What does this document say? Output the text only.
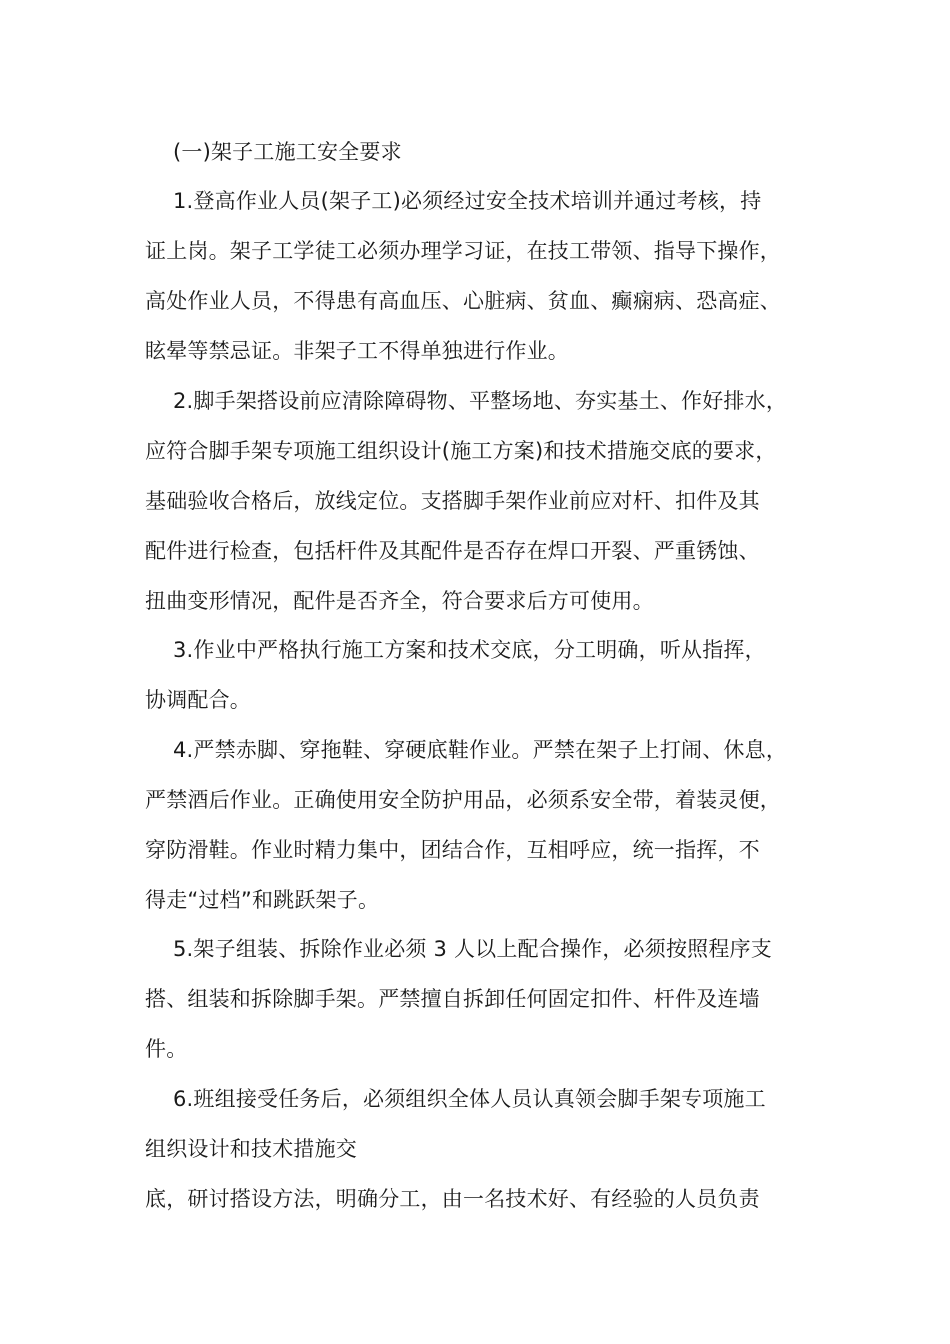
(一)架子工施工安全要求
1.登高作业人员(架子工)必须经过安全技术培训并通过考核，持
证上岗。架子工学徒工必须办理学习证，在技工带领、指导下操作，
高处作业人员，不得患有高血压、心脏病、贫血、癫痫病、恐高症、
眩晕等禁忌证。非架子工不得单独进行作业。
2.脚手架搭设前应清除障碍物、平整场地、夯实基土、作好排水，
应符合脚手架专项施工组织设计(施工方案)和技术措施交底的要求，
基础验收合格后，放线定位。支搭脚手架作业前应对杆、扣件及其
配件进行检查，包括杆件及其配件是否存在焊口开裂、严重锈蚀、
扭曲变形情况，配件是否齐全，符合要求后方可使用。
3.作业中严格执行施工方案和技术交底，分工明确，听从指挥，
协调配合。
4.严禁赤脚、穿拖鞋、穿硬底鞋作业。严禁在架子上打闹、休息，
严禁酒后作业。正确使用安全防护用品，必须系安全带，着装灵便，
穿防滑鞋。作业时精力集中，团结合作，互相呼应，统一指挥，不
得走“过档”和跳跃架子。
5.架子组装、拆除作业必须 3 人以上配合操作，必须按照程序支
搭、组装和拆除脚手架。严禁擅自拆卸任何固定扣件、杆件及连墙
件。
6.班组接受任务后，必须组织全体人员认真领会脚手架专项施工
组织设计和技术措施交
底，研讨搭设方法，明确分工，由一名技术好、有经验的人员负责
